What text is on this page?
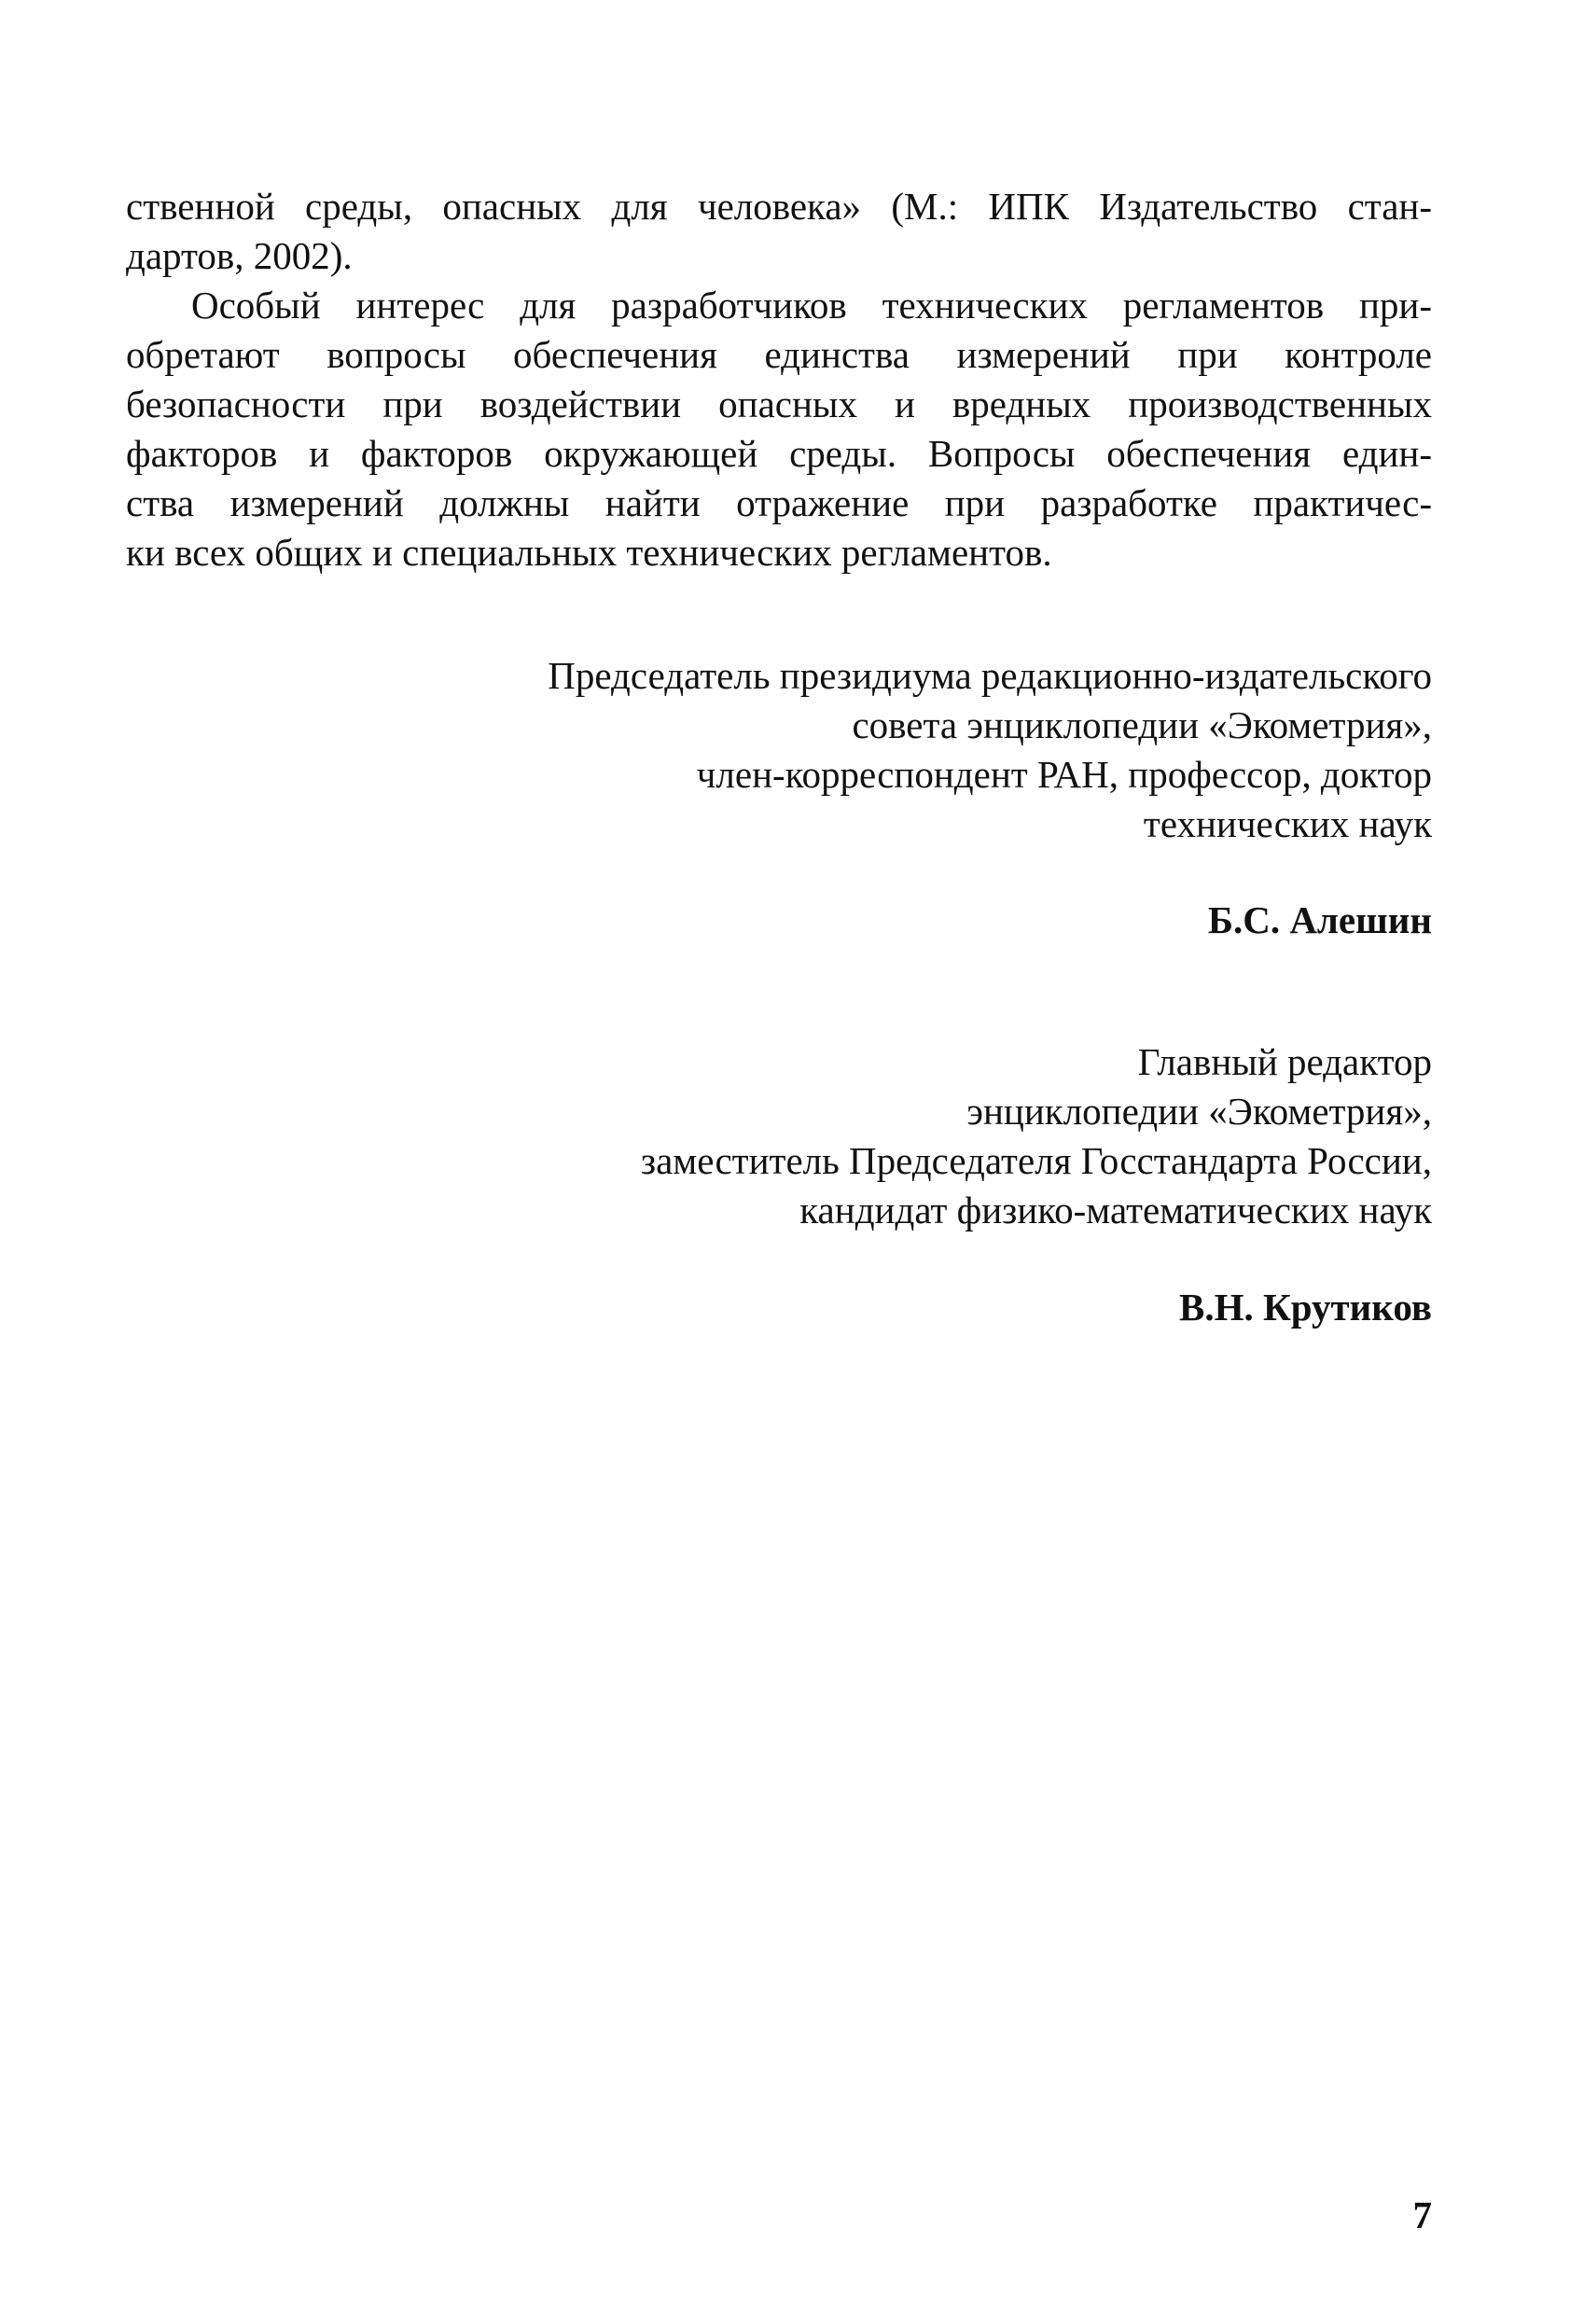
ственной среды, опасных для человека» (М.: ИПК Издательство стан-
дартов, 2002).
Особый интерес для разработчиков технических регламентов при-
обретают вопросы обеспечения единства измерений при контроле
безопасности при воздействии опасных и вредных производственных
факторов и факторов окружающей среды. Вопросы обеспечения един-
ства измерений должны найти отражение при разработке практичес-
ки всех общих и специальных технических регламентов.
Председатель президиума редакционно-издательского
совета энциклопедии «Экометрия»,
член-корреспондент РАН, профессор, доктор
технических наук
Б.С. Алешин
Главный редактор
энциклопедии «Экометрия»,
заместитель Председателя Госстандарта России,
кандидат физико-математических наук
В.Н. Крутиков
7
